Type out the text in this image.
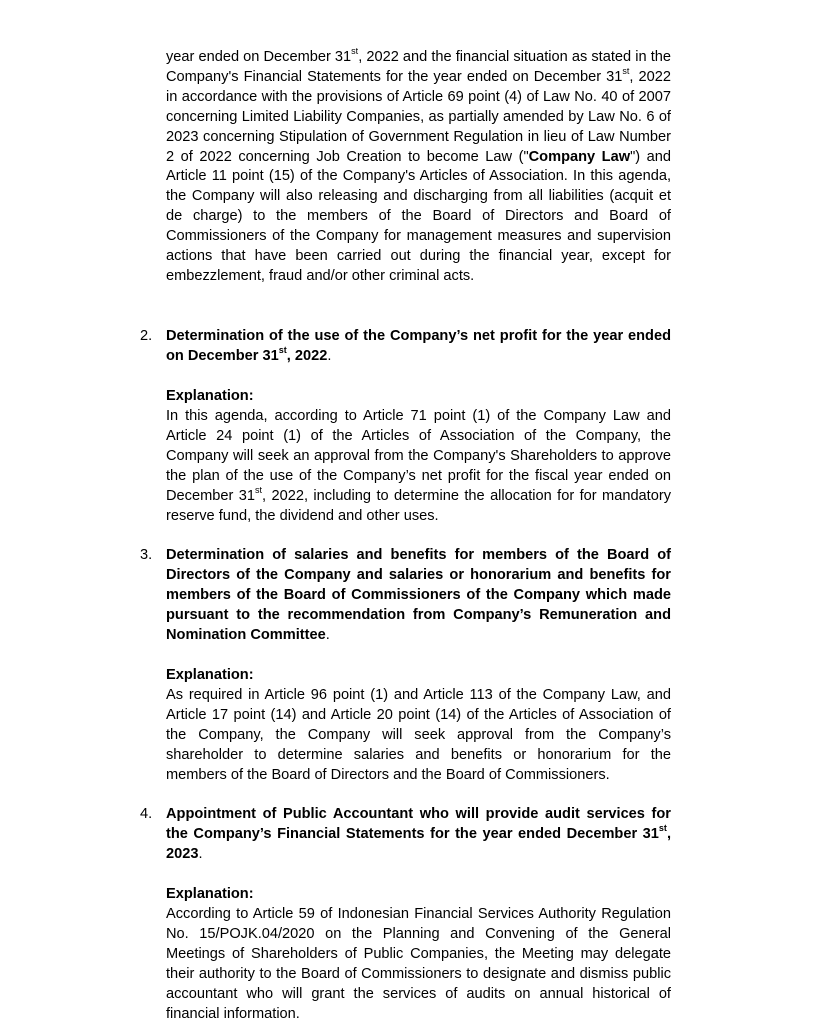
year ended on December 31st, 2022 and the financial situation as stated in the Company's Financial Statements for the year ended on December 31st, 2022 in accordance with the provisions of Article 69 point (4) of Law No. 40 of 2007 concerning Limited Liability Companies, as partially amended by Law No. 6 of 2023 concerning Stipulation of Government Regulation in lieu of Law Number 2 of 2022 concerning Job Creation to become Law ("Company Law") and Article 11 point (15) of the Company's Articles of Association. In this agenda, the Company will also releasing and discharging from all liabilities (acquit et de charge) to the members of the Board of Directors and Board of Commissioners of the Company for management measures and supervision actions that have been carried out during the financial year, except for embezzlement, fraud and/or other criminal acts.

2. Determination of the use of the Company’s net profit for the year ended on December 31st, 2022.
Explanation:

In this agenda, according to Article 71 point (1) of the Company Law and Article 24 point (1) of the Articles of Association of the Company, the Company will seek an approval from the Company's Shareholders to approve the plan of the use of the Company’s net profit for the fiscal year ended on December 31st, 2022, including to determine the allocation for for mandatory reserve fund, the dividend and other uses.

3. Determination of salaries and benefits for members of the Board of Directors of the Company and salaries or honorarium and benefits for members of the Board of Commissioners of the Company which made pursuant to the recommendation from Company’s Remuneration and Nomination Committee.
Explanation:

As required in Article 96 point (1) and Article 113 of the Company Law, and Article 17 point (14) and Article 20 point (14) of the Articles of Association of the Company, the Company will seek approval from the Company’s shareholder to determine salaries and benefits or honorarium for the members of the Board of Directors and the Board of Commissioners.

4. Appointment of Public Accountant who will provide audit services for the Company’s Financial Statements for the year ended December 31st, 2023.
Explanation:

According to Article 59 of Indonesian Financial Services Authority Regulation No. 15/POJK.04/2020 on the Planning and Convening of the General Meetings of Shareholders of Public Companies, the Meeting may delegate their authority to the Board of Commissioners to designate and dismiss public accountant who will grant the services of audits on annual historical of financial information.
